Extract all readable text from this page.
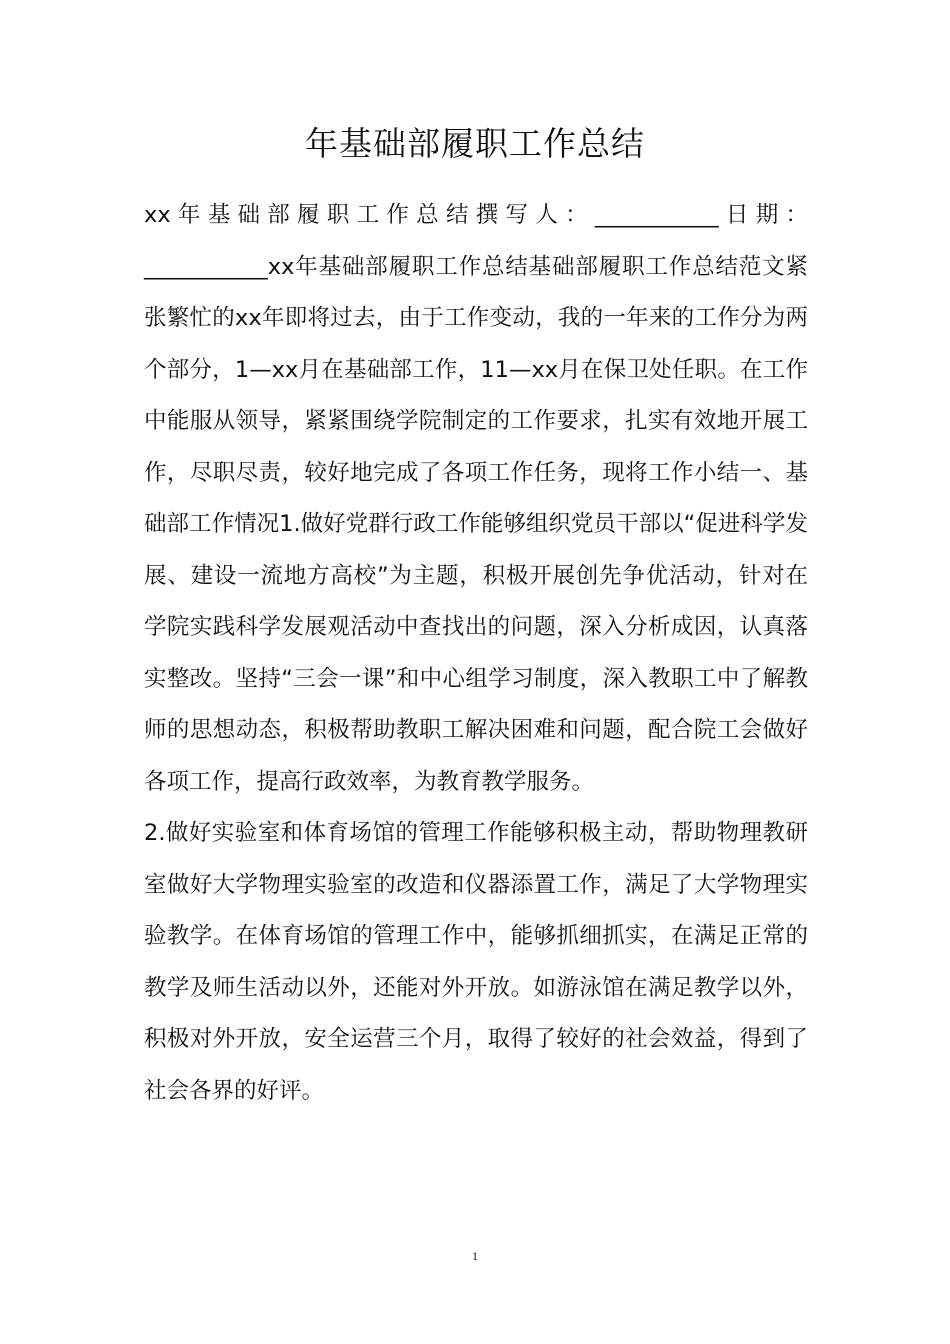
年基础部履职工作总结

xx年基础部履职工作总结撰写人：___________日期：___________xx年基础部履职工作总结基础部履职工作总结范文紧张繁忙的xx年即将过去，由于工作变动，我的一年来的工作分为两个部分，1—xx月在基础部工作，11—xx月在保卫处任职。在工作中能服从领导，紧紧围绕学院制定的工作要求，扎实有效地开展工作，尽职尽责，较好地完成了各项工作任务，现将工作小结一、基础部工作情况1.做好党群行政工作能够组织党员干部以“促进科学发展、建设一流地方高校”为主题，积极开展创先争优活动，针对在学院实践科学发展观活动中查找出的问题，深入分析成因，认真落实整改。坚持“三会一课”和中心组学习制度，深入教职工中了解教师的思想动态，积极帮助教职工解决困难和问题，配合院工会做好各项工作，提高行政效率，为教育教学服务。

2.做好实验室和体育场馆的管理工作能够积极主动，帮助物理教研室做好大学物理实验室的改造和仪器添置工作，满足了大学物理实验教学。在体育场馆的管理工作中，能够抓细抓实，在满足正常的教学及师生活动以外，还能对外开放。如游泳馆在满足教学以外，积极对外开放，安全运营三个月，取得了较好的社会效益，得到了社会各界的好评。

1
